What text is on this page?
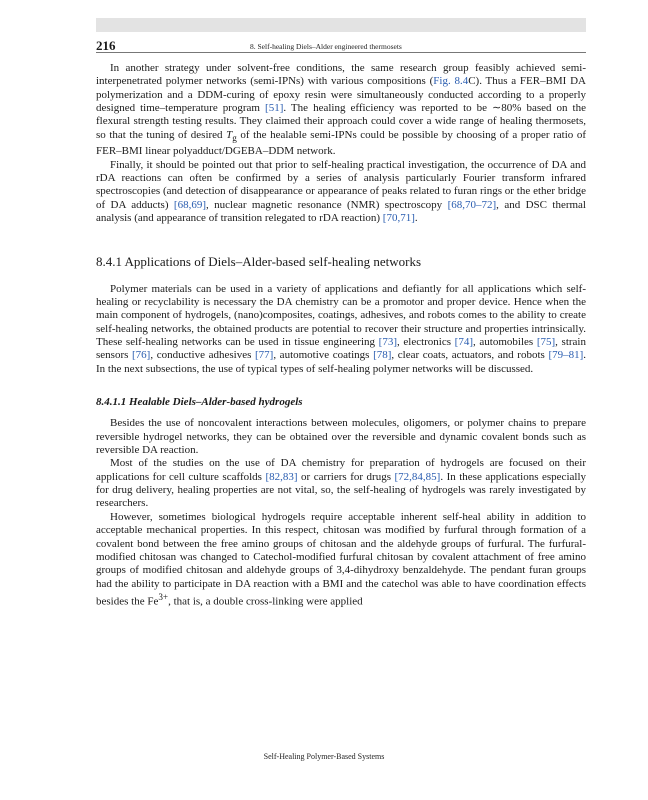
216	8. Self-healing Diels–Alder engineered thermosets

In another strategy under solvent-free conditions, the same research group feasibly achieved semi-interpenetrated polymer networks (semi-IPNs) with various compositions (Fig. 8.4C). Thus a FER–BMI DA polymerization and a DDM-curing of epoxy resin were simultaneously conducted according to a properly designed time–temperature program [51]. The healing efficiency was reported to be ∼80% based on the flexural strength testing results. They claimed their approach could cover a wide range of healing thermosets, so that the tuning of desired $T_g$ of the healable semi-IPNs could be possible by choosing of a proper ratio of FER–BMI linear polyadduct/DGEBA–DDM network.

Finally, it should be pointed out that prior to self-healing practical investigation, the occurrence of DA and rDA reactions can often be confirmed by a series of analysis particularly Fourier transform infrared spectroscopies (and detection of disappearance or appearance of peaks related to furan rings or the ether bridge of DA adducts) [68,69], nuclear magnetic resonance (NMR) spectroscopy [68,70–72], and DSC thermal analysis (and appearance of transition relegated to rDA reaction) [70,71].

8.4.1 Applications of Diels–Alder-based self-healing networks

Polymer materials can be used in a variety of applications and defiantly for all applications which self-healing or recyclability is necessary the DA chemistry can be a promotor and proper device. Hence when the main component of hydrogels, (nano)composites, coatings, adhesives, and robots comes to the ability to create self-healing networks, the obtained products are potential to recover their structure and properties intrinsically. These self-healing networks can be used in tissue engineering [73], electronics [74], automobiles [75], strain sensors [76], conductive adhesives [77], automotive coatings [78], clear coats, actuators, and robots [79–81]. In the next subsections, the use of typical types of self-healing polymer networks will be discussed.

8.4.1.1 Healable Diels–Alder-based hydrogels

Besides the use of noncovalent interactions between molecules, oligomers, or polymer chains to prepare reversible hydrogel networks, they can be obtained over the reversible and dynamic covalent bonds such as reversible DA reaction.

Most of the studies on the use of DA chemistry for preparation of hydrogels are focused on their applications for cell culture scaffolds [82,83] or carriers for drugs [72,84,85]. In these applications especially for drug delivery, healing properties are not vital, so, the self-healing of hydrogels was rarely investigated by researchers.

However, sometimes biological hydrogels require acceptable inherent self-heal ability in addition to acceptable mechanical properties. In this respect, chitosan was modified by furfural through formation of a covalent bond between the free amino groups of chitosan and the aldehyde groups of furfural. The furfural-modified chitosan was changed to Catechol-modified furfural chitosan by covalent attachment of free amino groups of modified chitosan and aldehyde groups of 3,4-dihydroxy benzaldehyde. The pendant furan groups had the ability to participate in DA reaction with a BMI and the catechol was able to have coordination effects besides the $Fe^{3+}$, that is, a double cross-linking were applied

Self-Healing Polymer-Based Systems
